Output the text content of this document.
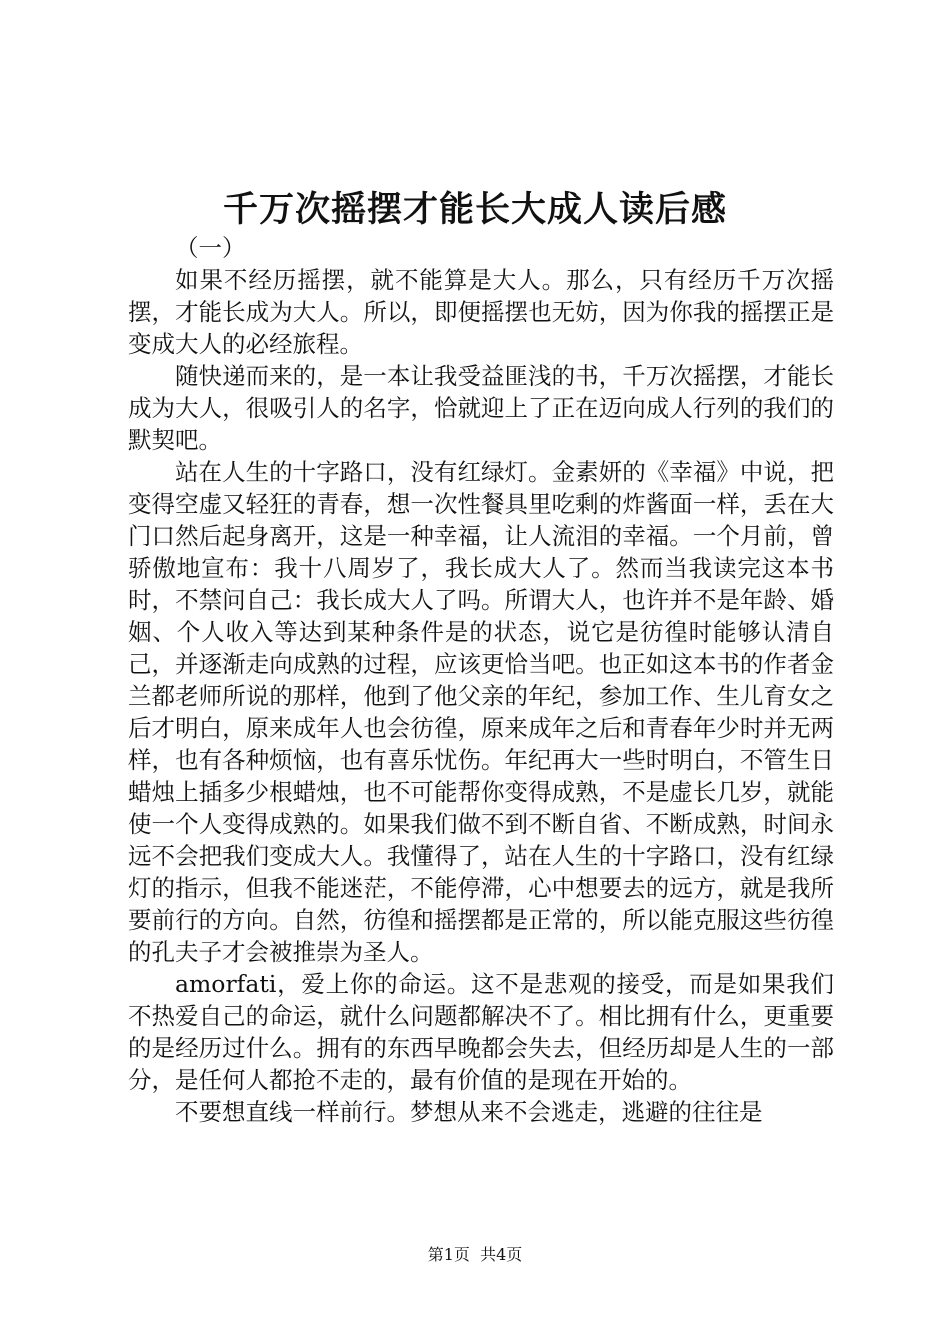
千万次摇摆才能长大成人读后感

（一）

如果不经历摇摆，就不能算是大人。那么，只有经历千万次摇摆，才能长成为大人。所以，即便摇摆也无妨，因为你我的摇摆正是变成大人的必经旅程。

随快递而来的，是一本让我受益匪浅的书，千万次摇摆，才能长成为大人，很吸引人的名字，恰就迎上了正在迈向成人行列的我们的默契吧。

站在人生的十字路口，没有红绿灯。金素妍的《幸福》中说，把变得空虚又轻狂的青春，想一次性餐具里吃剩的炸酱面一样，丢在大门口然后起身离开，这是一种幸福，让人流泪的幸福。一个月前，曾骄傲地宣布：我十八周岁了，我长成大人了。然而当我读完这本书时，不禁问自己：我长成大人了吗。所谓大人，也许并不是年龄、婚姻、个人收入等达到某种条件是的状态，说它是彷徨时能够认清自己，并逐渐走向成熟的过程，应该更恰当吧。也正如这本书的作者金兰都老师所说的那样，他到了他父亲的年纪，参加工作、生儿育女之后才明白，原来成年人也会彷徨，原来成年之后和青春年少时并无两样，也有各种烦恼，也有喜乐忧伤。年纪再大一些时明白，不管生日蜡烛上插多少根蜡烛，也不可能帮你变得成熟，不是虚长几岁，就能使一个人变得成熟的。如果我们做不到不断自省、不断成熟，时间永远不会把我们变成大人。我懂得了，站在人生的十字路口，没有红绿灯的指示，但我不能迷茫，不能停滞，心中想要去的远方，就是我所要前行的方向。自然，彷徨和摇摆都是正常的，所以能克服这些彷徨的孔夫子才会被推崇为圣人。

amorfati，爱上你的命运。这不是悲观的接受，而是如果我们不热爱自己的命运，就什么问题都解决不了。相比拥有什么，更重要的是经历过什么。拥有的东西早晚都会失去，但经历却是人生的一部分，是任何人都抢不走的，最有价值的是现在开始的。

不要想直线一样前行。梦想从来不会逃走，逃避的往往是

第1页 共4页
